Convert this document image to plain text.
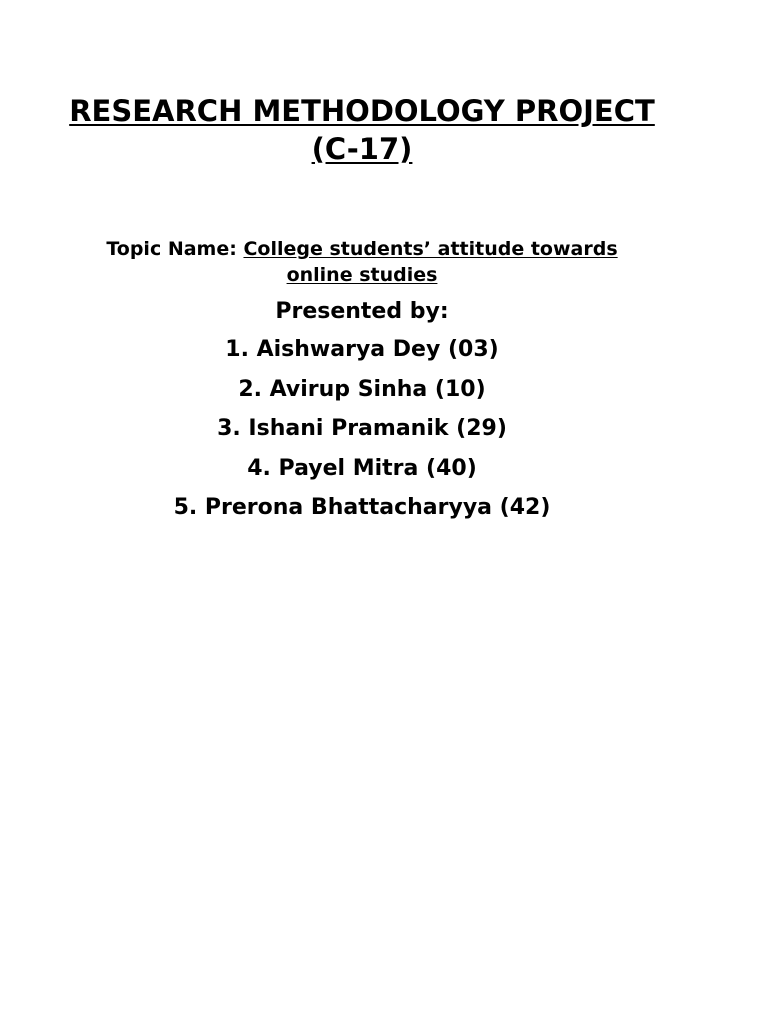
RESEARCH METHODOLOGY PROJECT
(C-17)
Topic Name: College students’ attitude towards
online studies
Presented by:
1. Aishwarya Dey (03)
2. Avirup Sinha (10)
3. Ishani Pramanik (29)
4. Payel Mitra (40)
5. Prerona Bhattacharyya (42)
